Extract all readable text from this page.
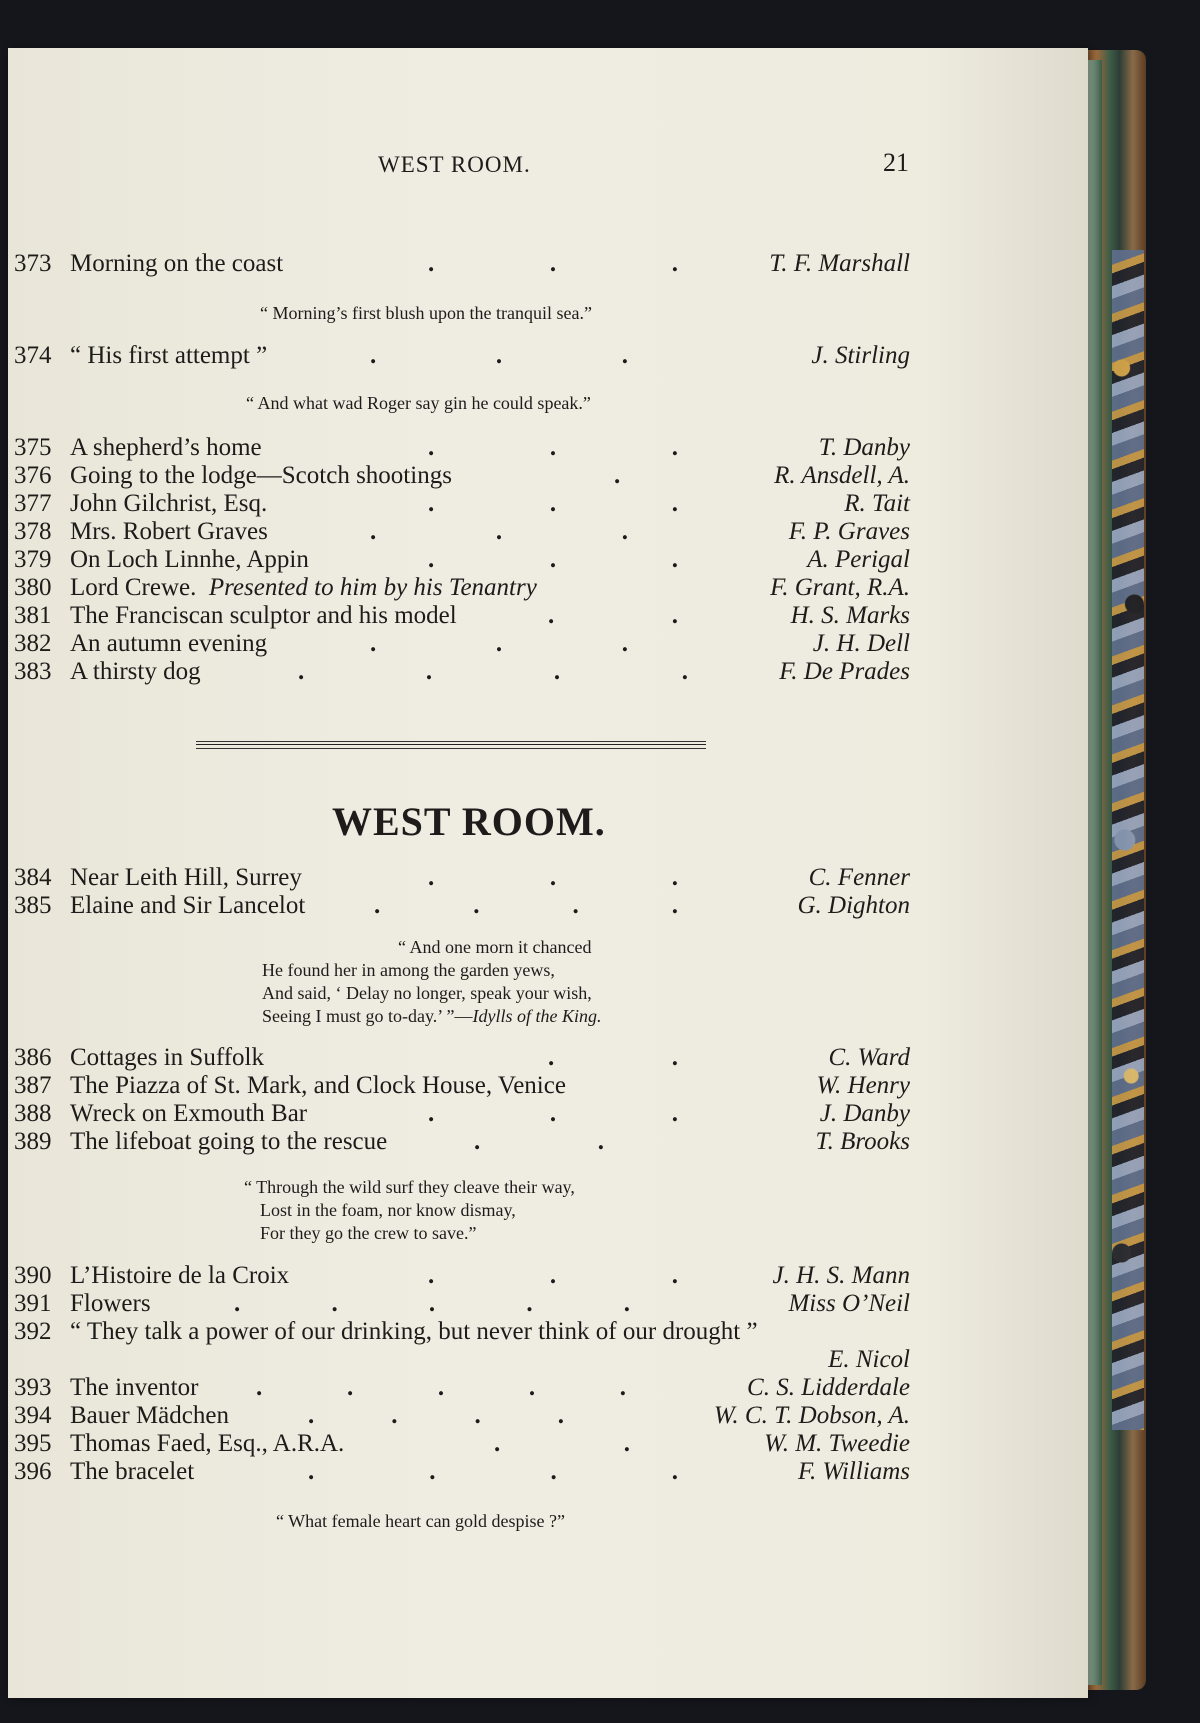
WEST ROOM.	21
373 Morning on the coast	.	.	.	T. F. Marshall
“ Morning’s first blush upon the tranquil sea.”
374 “ His first attempt ”	.	.	.	J. Stirling
“ And what wad Roger say gin he could speak.”
375 A shepherd’s home	.	.	.	T. Danby
376 Going to the lodge—Scotch shootings	.	R. Ansdell, A.
377 John Gilchrist, Esq.	.	.	.	R. Tait
378 Mrs. Robert Graves	.	.	.	F. P. Graves
379 On Loch Linnhe, Appin	.	.	.	A. Perigal
380 Lord Crewe. Presented to him by his Tenantry	F. Grant, R.A.
381 The Franciscan sculptor and his model	.	.	H. S. Marks
382 An autumn evening	.	.	.	J. H. Dell
383 A thirsty dog	.	.	.	.	F. De Prades
WEST ROOM.
384 Near Leith Hill, Surrey	.	.	.	C. Fenner
385 Elaine and Sir Lancelot	.	.	.	.	G. Dighton
“ And one morn it chanced
He found her in among the garden yews,
And said, ‘ Delay no longer, speak your wish,
Seeing I must go to-day.’ ”—Idylls of the King.
386 Cottages in Suffolk	.	.	C. Ward
387 The Piazza of St. Mark, and Clock House, Venice	W. Henry
388 Wreck on Exmouth Bar	.	.	.	J. Danby
389 The lifeboat going to the rescue	.	.	T. Brooks
“ Through the wild surf they cleave their way,
Lost in the foam, nor know dismay,
For they go the crew to save.”
390 L’Histoire de la Croix	.	.	.	J. H. S. Mann
391 Flowers	.	.	.	.	.	Miss O’Neil
392 “ They talk a power of our drinking, but never think of our drought ”
E. Nicol
393 The inventor .	.	.	.	.	C. S. Lidderdale
394 Bauer Mädchen	.	.	.	.	W. C. T. Dobson, A.
395 Thomas Faed, Esq., A.R.A.	.	.	W. M. Tweedie
396 The bracelet	.	.	.	.	F. Williams
“ What female heart can gold despise ?”
